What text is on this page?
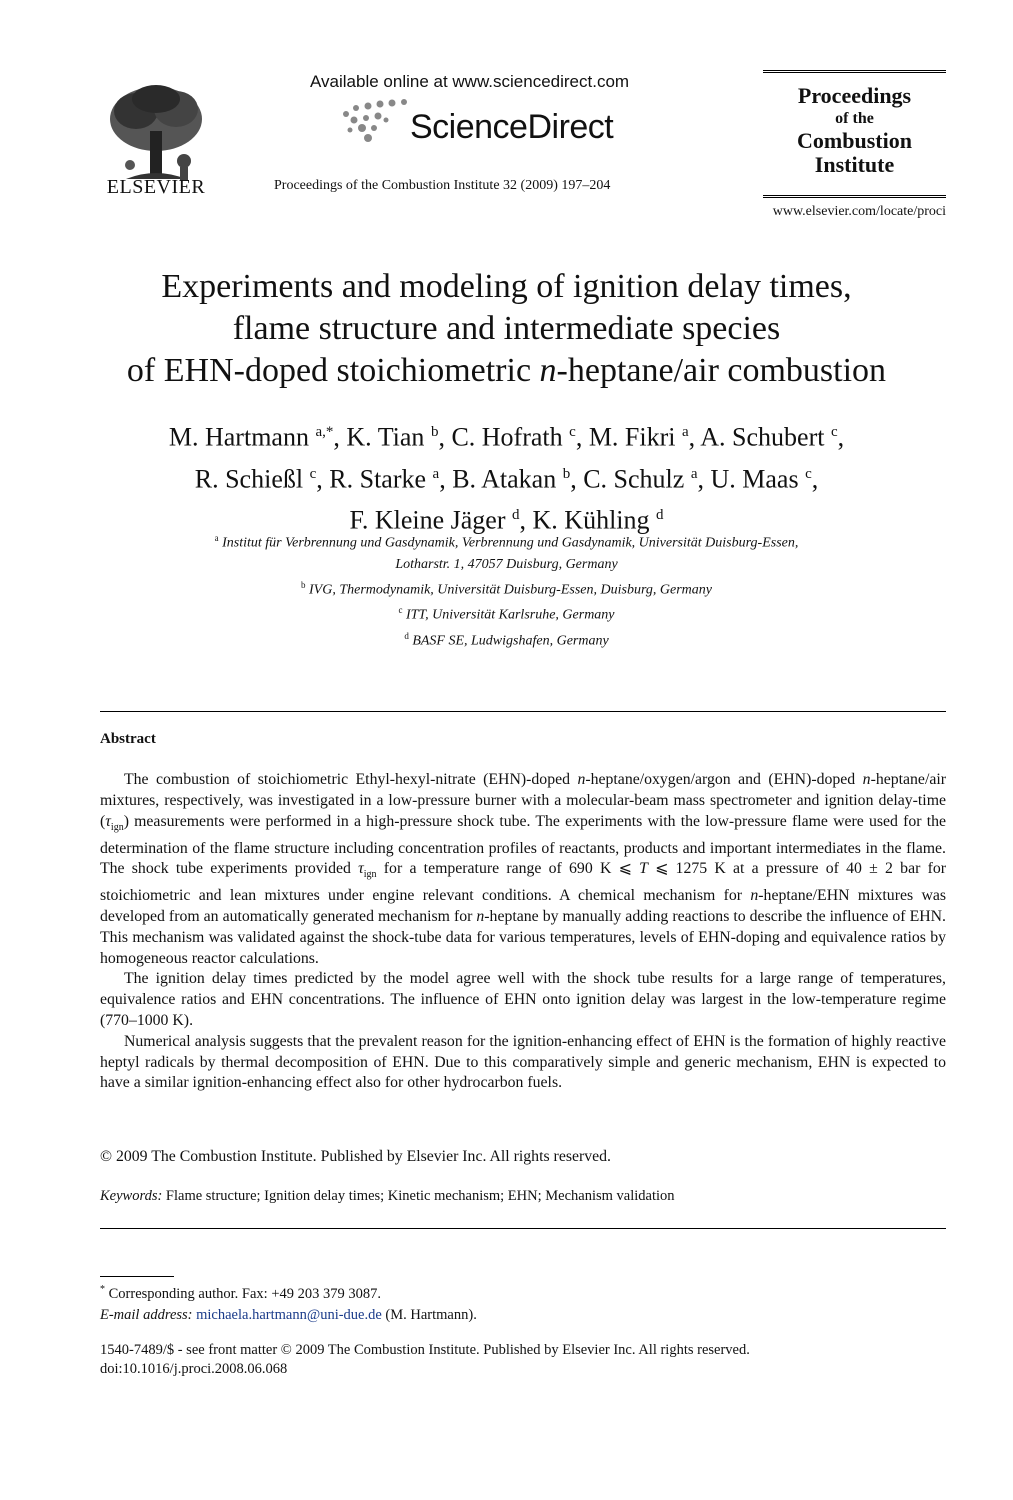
ELSEVIER
Available online at www.sciencedirect.com
ScienceDirect
Proceedings of the Combustion Institute 32 (2009) 197–204
Proceedings
of the
Combustion
Institute
www.elsevier.com/locate/proci
Experiments and modeling of ignition delay times,
flame structure and intermediate species
of EHN-doped stoichiometric n-heptane/air combustion
M. Hartmann $^{a,*}$, K. Tian $^b$, C. Hofrath $^c$, M. Fikri $^a$, A. Schubert $^c$,
R. Schießl $^c$, R. Starke $^a$, B. Atakan $^b$, C. Schulz $^a$, U. Maas $^c$,
F. Kleine Jäger $^d$, K. Kühling $^d$
$^a$ Institut für Verbrennung und Gasdynamik, Verbrennung und Gasdynamik, Universität Duisburg-Essen,
Lotharstr. 1, 47057 Duisburg, Germany
$^b$ IVG, Thermodynamik, Universität Duisburg-Essen, Duisburg, Germany
$^c$ ITT, Universität Karlsruhe, Germany
$^d$ BASF SE, Ludwigshafen, Germany
Abstract

The combustion of stoichiometric Ethyl-hexyl-nitrate (EHN)-doped n-heptane/oxygen/argon and (EHN)-doped n-heptane/air mixtures, respectively, was investigated in a low-pressure burner with a molecular-beam mass spectrometer and ignition delay-time $(\tau_{ign})$ measurements were performed in a high-pressure shock tube. The experiments with the low-pressure flame were used for the determination of the flame structure including concentration profiles of reactants, products and important intermediates in the flame. The shock tube experiments provided $\tau_{ign}$ for a temperature range of 690 K ⩽ T ⩽ 1275 K at a pressure of 40 ± 2 bar for stoichiometric and lean mixtures under engine relevant conditions. A chemical mechanism for n-heptane/EHN mixtures was developed from an automatically generated mechanism for n-heptane by manually adding reactions to describe the influence of EHN. This mechanism was validated against the shock-tube data for various temperatures, levels of EHN-doping and equivalence ratios by homogeneous reactor calculations.

The ignition delay times predicted by the model agree well with the shock tube results for a large range of temperatures, equivalence ratios and EHN concentrations. The influence of EHN onto ignition delay was largest in the low-temperature regime (770–1000 K).

Numerical analysis suggests that the prevalent reason for the ignition-enhancing effect of EHN is the formation of highly reactive heptyl radicals by thermal decomposition of EHN. Due to this comparatively simple and generic mechanism, EHN is expected to have a similar ignition-enhancing effect also for other hydrocarbon fuels.

© 2009 The Combustion Institute. Published by Elsevier Inc. All rights reserved.
Keywords: Flame structure; Ignition delay times; Kinetic mechanism; EHN; Mechanism validation
* Corresponding author. Fax: +49 203 379 3087.
E-mail address: michaela.hartmann@uni-due.de (M. Hartmann).
1540-7489/$ - see front matter © 2009 The Combustion Institute. Published by Elsevier Inc. All rights reserved.
doi:10.1016/j.proci.2008.06.068
